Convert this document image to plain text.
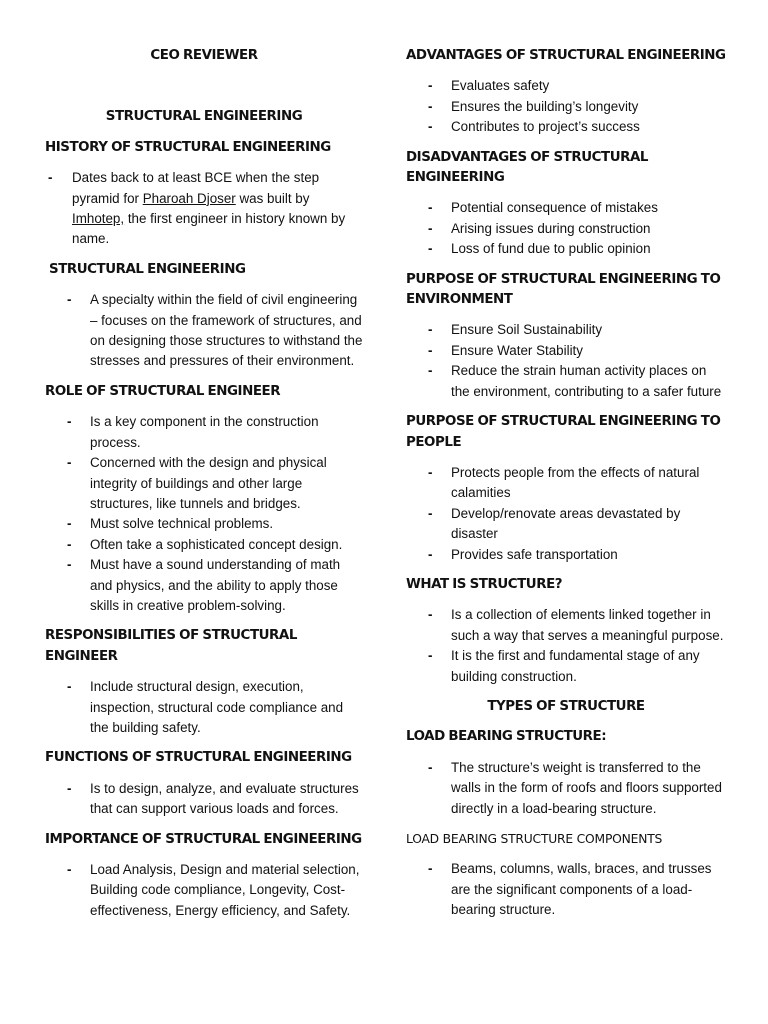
CEO REVIEWER

STRUCTURAL ENGINEERING

HISTORY OF STRUCTURAL ENGINEERING

- Dates back to at least BCE when the step pyramid for Pharoah Djoser was built by Imhotep, the first engineer in history known by name.

STRUCTURAL ENGINEERING

- A specialty within the field of civil engineering – focuses on the framework of structures, and on designing those structures to withstand the stresses and pressures of their environment.

ROLE OF STRUCTURAL ENGINEER

- Is a key component in the construction process.
- Concerned with the design and physical integrity of buildings and other large structures, like tunnels and bridges.
- Must solve technical problems.
- Often take a sophisticated concept design.
- Must have a sound understanding of math and physics, and the ability to apply those skills in creative problem-solving.

RESPONSIBILITIES OF STRUCTURAL ENGINEER

- Include structural design, execution, inspection, structural code compliance and the building safety.

FUNCTIONS OF STRUCTURAL ENGINEERING

- Is to design, analyze, and evaluate structures that can support various loads and forces.

IMPORTANCE OF STRUCTURAL ENGINEERING

- Load Analysis, Design and material selection, Building code compliance, Longevity, Cost-effectiveness, Energy efficiency, and Safety.

ADVANTAGES OF STRUCTURAL ENGINEERING

- Evaluates safety
- Ensures the building’s longevity
- Contributes to project’s success

DISADVANTAGES OF STRUCTURAL ENGINEERING

- Potential consequence of mistakes
- Arising issues during construction
- Loss of fund due to public opinion

PURPOSE OF STRUCTURAL ENGINEERING TO ENVIRONMENT

- Ensure Soil Sustainability
- Ensure Water Stability
- Reduce the strain human activity places on the environment, contributing to a safer future

PURPOSE OF STRUCTURAL ENGINEERING TO PEOPLE

- Protects people from the effects of natural calamities
- Develop/renovate areas devastated by disaster
- Provides safe transportation

WHAT IS STRUCTURE?

- Is a collection of elements linked together in such a way that serves a meaningful purpose.
- It is the first and fundamental stage of any building construction.

TYPES OF STRUCTURE

LOAD BEARING STRUCTURE:

- The structure’s weight is transferred to the walls in the form of roofs and floors supported directly in a load-bearing structure.

LOAD BEARING STRUCTURE COMPONENTS

- Beams, columns, walls, braces, and trusses are the significant components of a load-bearing structure.
